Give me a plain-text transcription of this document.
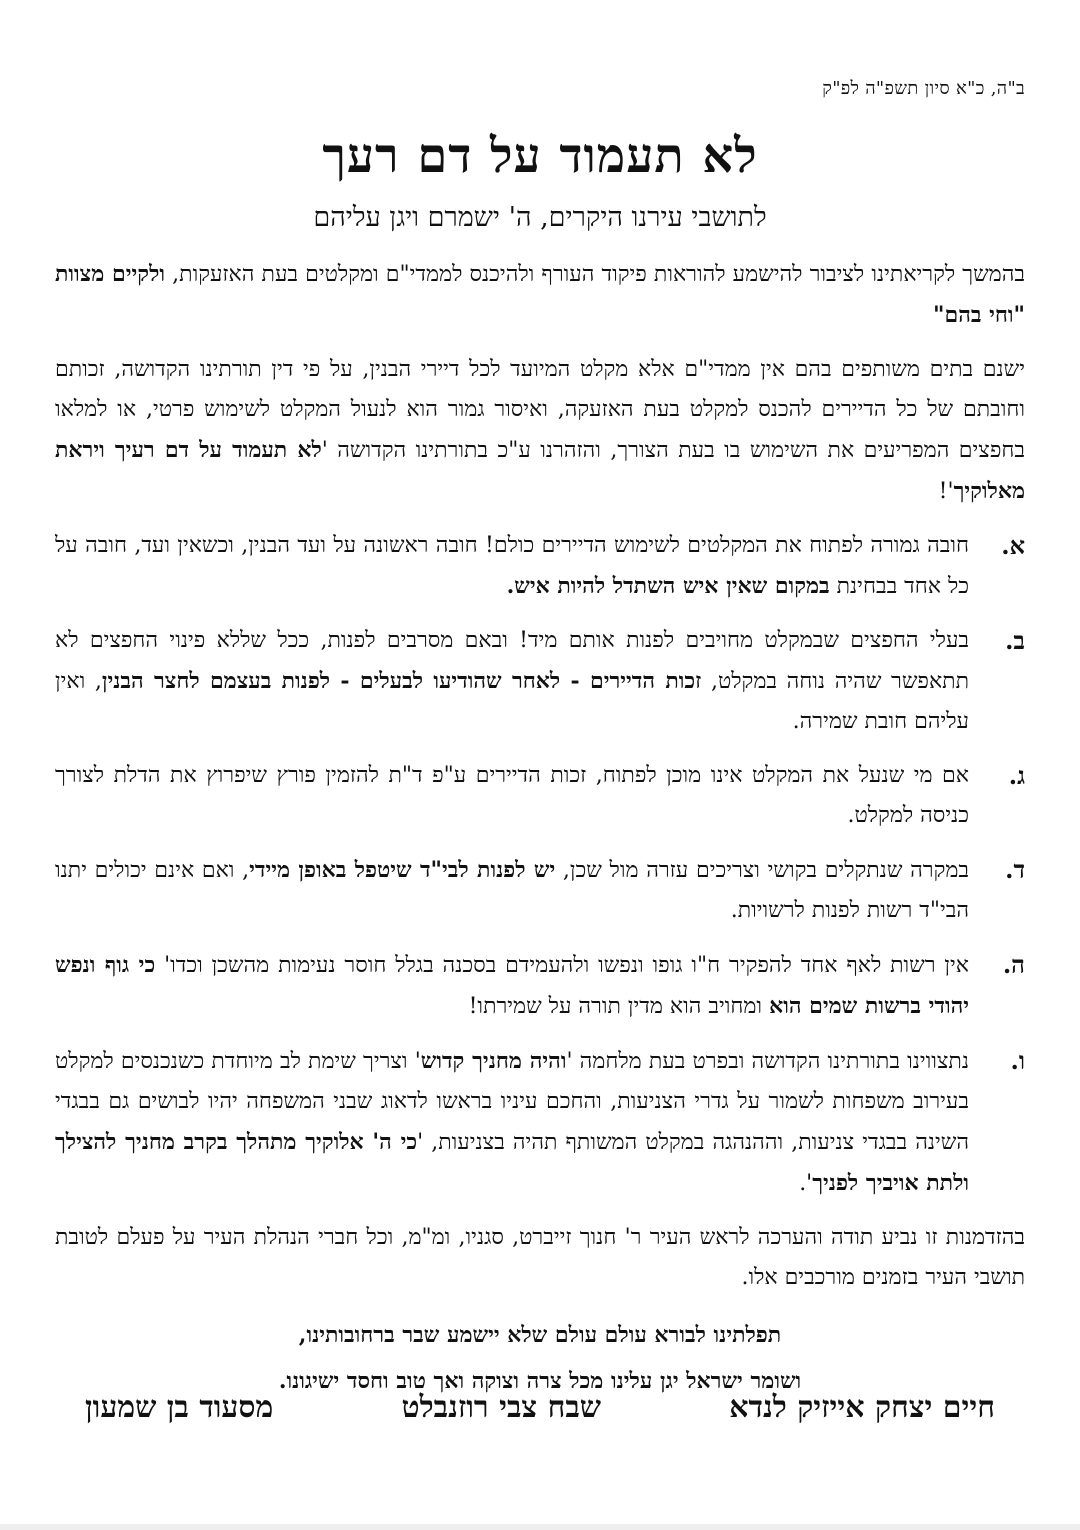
ב"ה, כ"א סיון תשפ"ה לפ"ק
לא תעמוד על דם רעך
לתושבי עירנו היקרים, ה' ישמרם ויגן עליהם

בהמשך לקריאתינו לציבור להישמע להוראות פיקוד העורף ולהיכנס לממדי"ם ומקלטים בעת האזעקות, ולקיים מצוות "וחי בהם"

ישנם בתים משותפים בהם אין ממדי"ם אלא מקלט המיועד לכל דיירי הבנין, על פי דין תורתינו הקדושה, זכותם וחובתם של כל הדיירים להכנס למקלט בעת האזעקה, ואיסור גמור הוא לנעול המקלט לשימוש פרטי, או למלאו בחפצים המפריעים את השימוש בו בעת הצורך, והזהרנו ע"כ בתורתינו הקדושה 'לא תעמוד על דם רעיך ויראת מאלוקיך'!

א.
חובה גמורה לפתוח את המקלטים לשימוש הדיירים כולם! חובה ראשונה על ועד הבנין, וכשאין ועד, חובה על כל אחד בבחינת במקום שאין איש השתדל להיות איש.
ב.
בעלי החפצים שבמקלט מחויבים לפנות אותם מיד! ובאם מסרבים לפנות, ככל שללא פינוי החפצים לא תתאפשר שהיה נוחה במקלט, זכות הדיירים - לאחר שהודיעו לבעלים - לפנות בעצמם לחצר הבנין, ואין עליהם חובת שמירה.
ג.
אם מי שנעל את המקלט אינו מוכן לפתוח, זכות הדיירים ע"פ ד"ת להזמין פורץ שיפרוץ את הדלת לצורך כניסה למקלט.
ד.
במקרה שנתקלים בקושי וצריכים עזרה מול שכן, יש לפנות לבי"ד שיטפל באופן מיידי, ואם אינם יכולים יתנו הבי"ד רשות לפנות לרשויות.
ה.
אין רשות לאף אחד להפקיר ח"ו גופו ונפשו ולהעמידם בסכנה בגלל חוסר נעימות מהשכן וכדו' כי גוף ונפש יהודי ברשות שמים הוא ומחויב הוא מדין תורה על שמירתו!
ו.
נתצווינו בתורתינו הקדושה ובפרט בעת מלחמה 'והיה מחניך קדוש' וצריך שימת לב מיוחדת כשנכנסים למקלט בעירוב משפחות לשמור על גדרי הצניעות, והחכם עיניו בראשו לדאוג שבני המשפחה יהיו לבושים גם בבגדי השינה בבגדי צניעות, וההנהגה במקלט המשותף תהיה בצניעות, 'כי ה' אלוקיך מתהלך בקרב מחניך להצילך ולתת אויביך לפניך'.

בהזדמנות זו נביע תודה והערכה לראש העיר ר' חנוך זייברט, סגניו, ומ"מ, וכל חברי הנהלת העיר על פעלם לטובת תושבי העיר בזמנים מורכבים אלו.

תפלתינו לבורא עולם עולם שלא יישמע שבר ברחובותינו,
ושומר ישראל יגן עלינו מכל צרה וצוקה ואך טוב וחסד ישיגונו.
חיים יצחק אייזיק לנדא
שבח צבי רוזנבלט
מסעוד בן שמעון
